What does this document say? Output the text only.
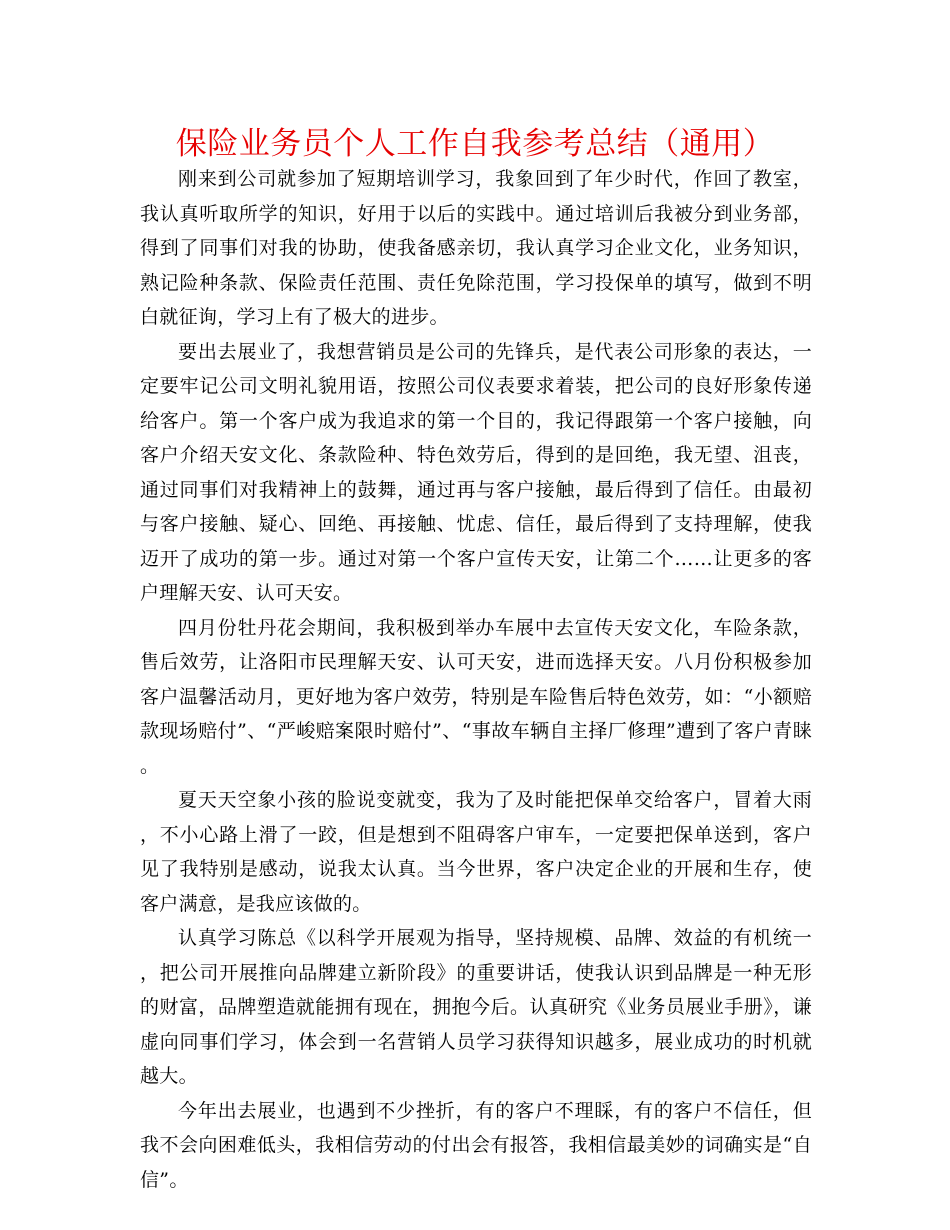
保险业务员个人工作自我参考总结（通用）

刚来到公司就参加了短期培训学习，我象回到了年少时代，作回了教室，我认真听取所学的知识，好用于以后的实践中。通过培训后我被分到业务部，得到了同事们对我的协助，使我备感亲切，我认真学习企业文化，业务知识，熟记险种条款、保险责任范围、责任免除范围，学习投保单的填写，做到不明白就征询，学习上有了极大的进步。

要出去展业了，我想营销员是公司的先锋兵，是代表公司形象的表达，一定要牢记公司文明礼貌用语，按照公司仪表要求着装，把公司的良好形象传递给客户。第一个客户成为我追求的第一个目的，我记得跟第一个客户接触，向客户介绍天安文化、条款险种、特色效劳后，得到的是回绝，我无望、沮丧，通过同事们对我精神上的鼓舞，通过再与客户接触，最后得到了信任。由最初与客户接触、疑心、回绝、再接触、忧虑、信任，最后得到了支持理解，使我迈开了成功的第一步。通过对第一个客户宣传天安，让第二个……让更多的客户理解天安、认可天安。

四月份牡丹花会期间，我积极到举办车展中去宣传天安文化，车险条款，售后效劳，让洛阳市民理解天安、认可天安，进而选择天安。八月份积极参加客户温馨活动月，更好地为客户效劳，特别是车险售后特色效劳，如：“小额赔款现场赔付”、“严峻赔案限时赔付”、“事故车辆自主择厂修理”遭到了客户青睐。

夏天天空象小孩的脸说变就变，我为了及时能把保单交给客户，冒着大雨，不小心路上滑了一跤，但是想到不阻碍客户审车，一定要把保单送到，客户见了我特别是感动，说我太认真。当今世界，客户决定企业的开展和生存，使客户满意，是我应该做的。

认真学习陈总《以科学开展观为指导，坚持规模、品牌、效益的有机统一，把公司开展推向品牌建立新阶段》的重要讲话，使我认识到品牌是一种无形的财富，品牌塑造就能拥有现在，拥抱今后。认真研究《业务员展业手册》，谦虚向同事们学习，体会到一名营销人员学习获得知识越多，展业成功的时机就越大。

今年出去展业，也遇到不少挫折，有的客户不理睬，有的客户不信任，但我不会向困难低头，我相信劳动的付出会有报答，我相信最美妙的词确实是“自信”。
